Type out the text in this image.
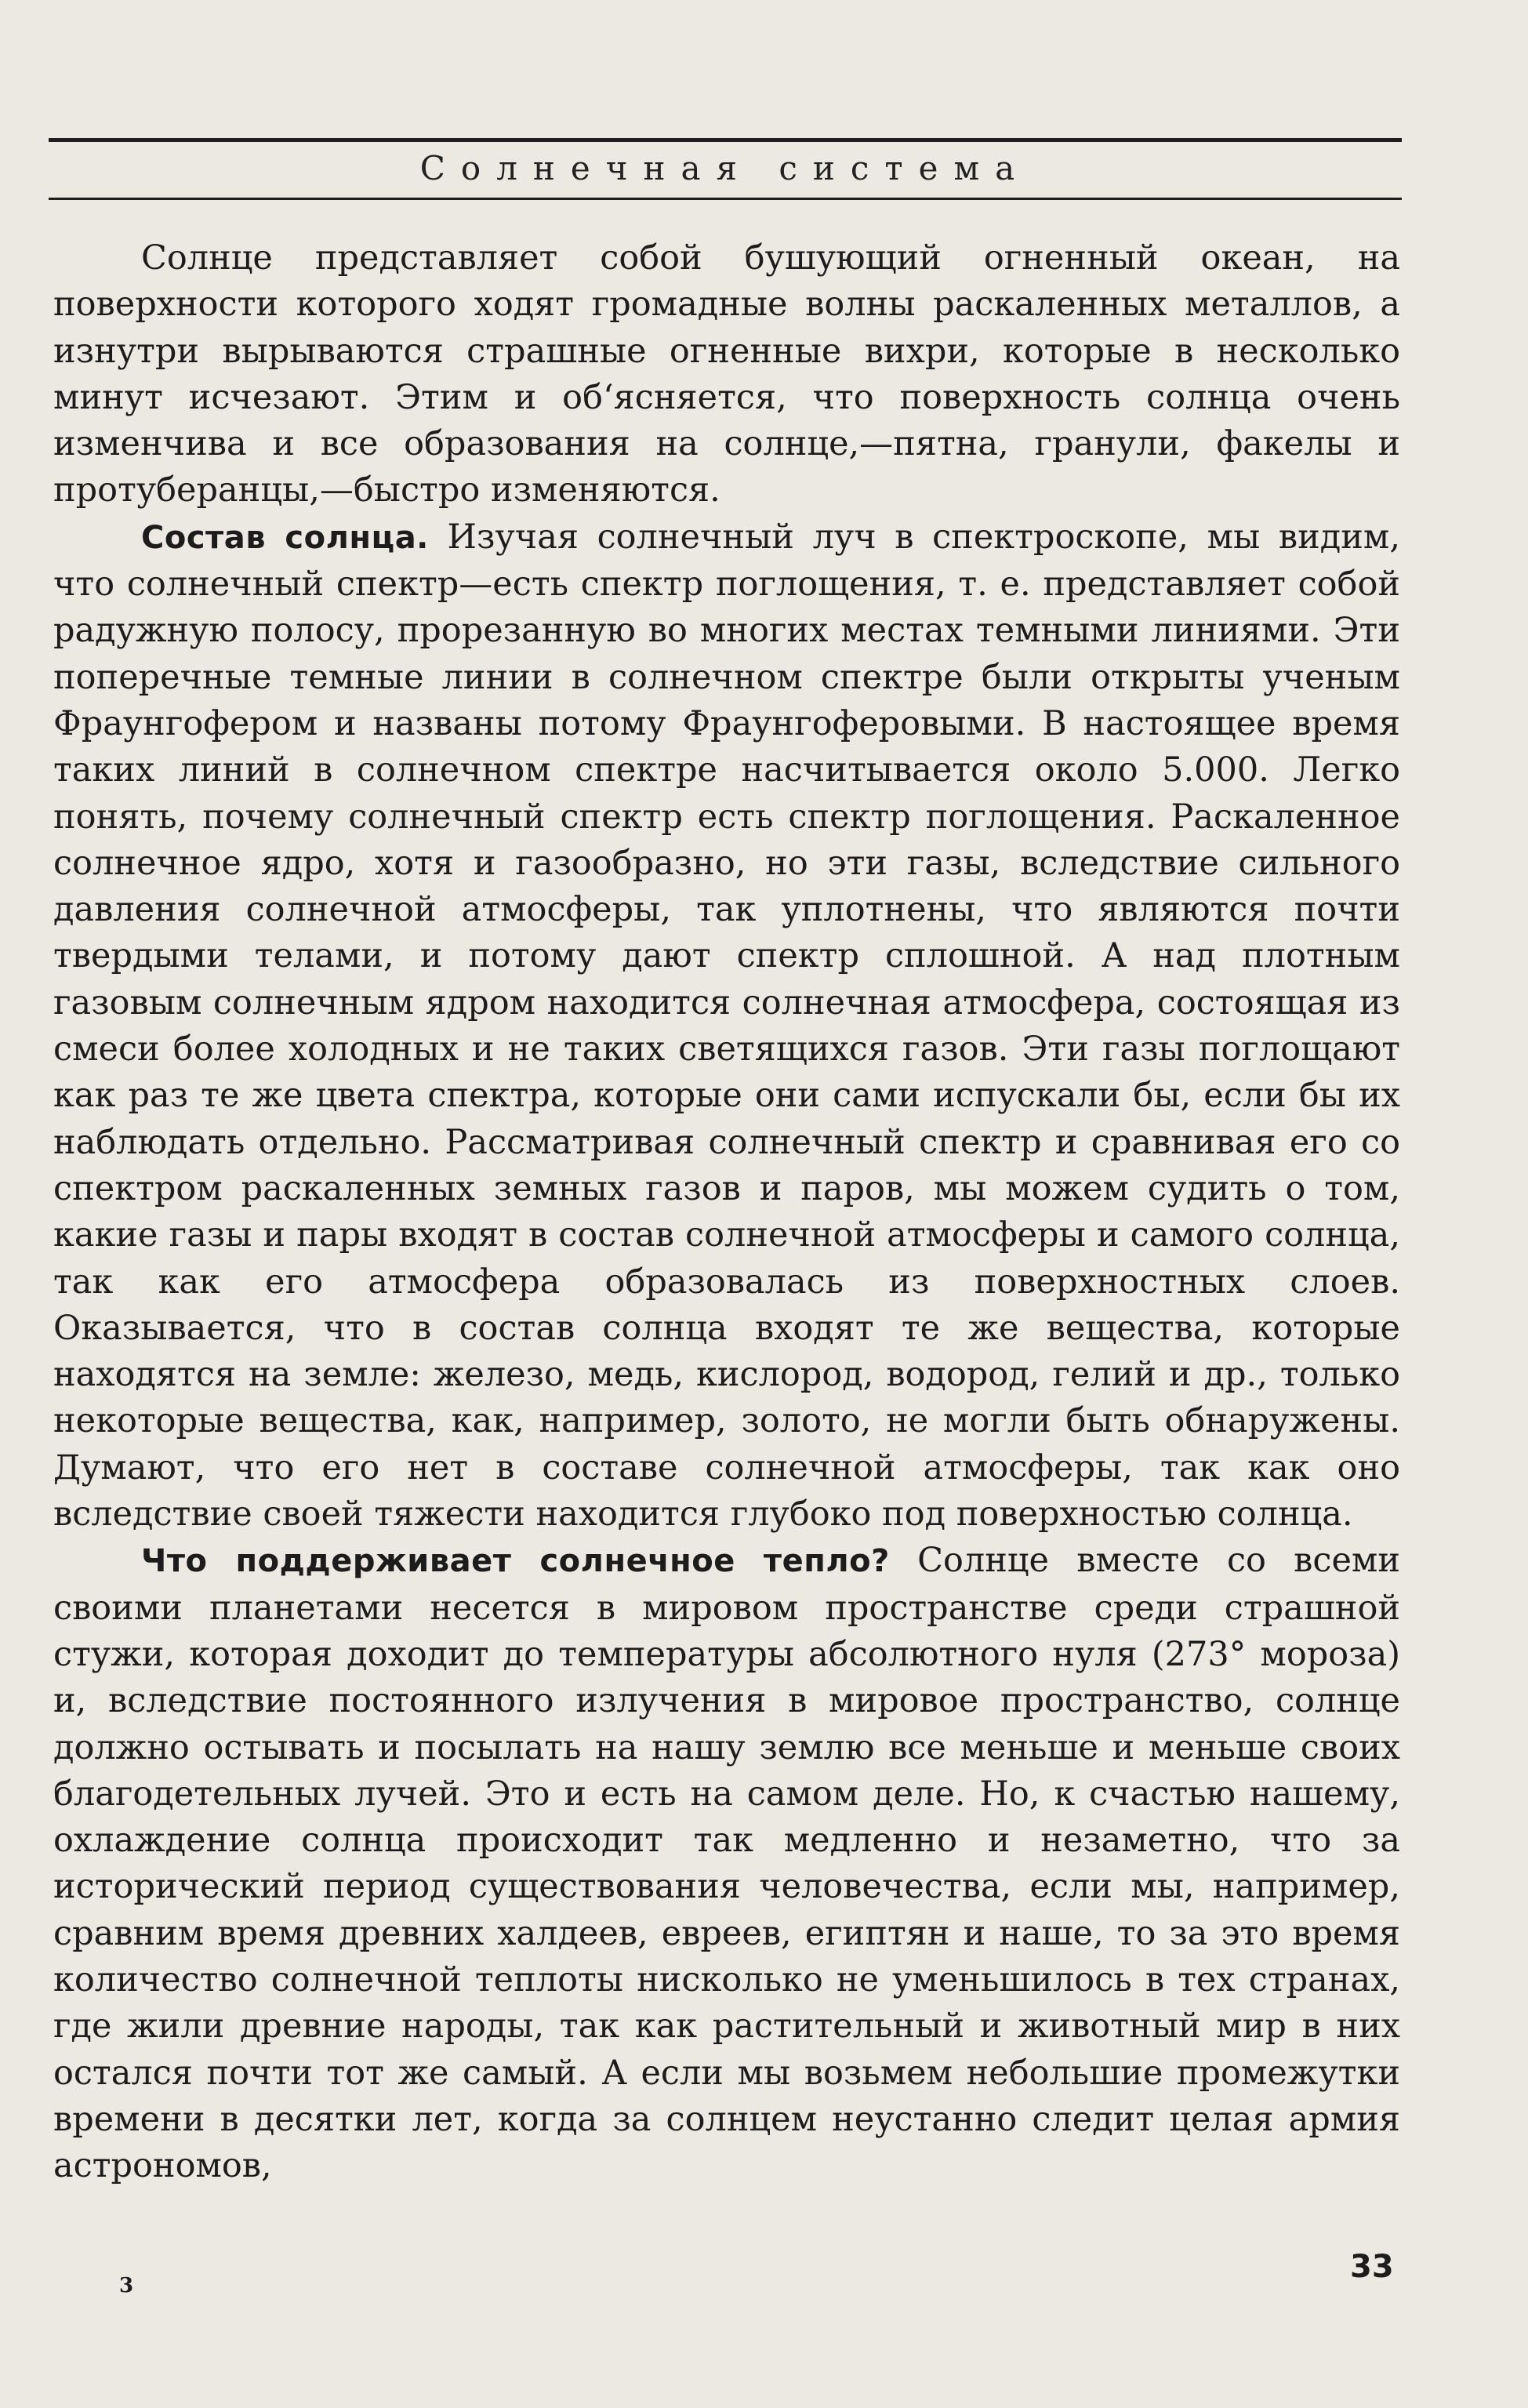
Солнечная система

Солнце представляет собой бушующий огненный океан, на поверхности которого ходят громадные волны раскаленных металлов, а изнутри вырываются страшные огненные вихри, которые в несколько минут исчезают. Этим и об‘ясняется, что поверхность солнца очень изменчива и все образования на солнце,—пятна, гранули, факелы и протуберанцы,—быстро изменяются.

Состав солнца. Изучая солнечный луч в спектроскопе, мы видим, что солнечный спектр—есть спектр поглощения, т. е. представляет собой радужную полосу, прорезанную во многих местах темными линиями. Эти поперечные темные линии в солнечном спектре были открыты ученым Фраунгофером и названы потому Фраунгоферовыми. В настоящее время таких линий в солнечном спектре насчитывается около 5.000. Легко понять, почему солнечный спектр есть спектр поглощения. Раскаленное солнечное ядро, хотя и газообразно, но эти газы, вследствие сильного давления солнечной атмосферы, так уплотнены, что являются почти твердыми телами, и потому дают спектр сплошной. А над плотным газовым солнечным ядром находится солнечная атмосфера, состоящая из смеси более холодных и не таких светящихся газов. Эти газы поглощают как раз те же цвета спектра, которые они сами испускали бы, если бы их наблюдать отдельно. Рассматривая солнечный спектр и сравнивая его со спектром раскаленных земных газов и паров, мы можем судить о том, какие газы и пары входят в состав солнечной атмосферы и самого солнца, так как его атмосфера образовалась из поверхностных слоев. Оказывается, что в состав солнца входят те же вещества, которые находятся на земле: железо, медь, кислород, водород, гелий и др., только некоторые вещества, как, например, золото, не могли быть обнаружены. Думают, что его нет в составе солнечной атмосферы, так как оно вследствие своей тяжести находится глубоко под поверхностью солнца.

Что поддерживает солнечное тепло? Солнце вместе со всеми своими планетами несется в мировом пространстве среди страшной стужи, которая доходит до температуры абсолютного нуля (273° мороза) и, вследствие постоянного излучения в мировое пространство, солнце должно остывать и посылать на нашу землю все меньше и меньше своих благодетельных лучей. Это и есть на самом деле. Но, к счастью нашему, охлаждение солнца происходит так медленно и незаметно, что за исторический период существования человечества, если мы, например, сравним время древних халдеев, евреев, египтян и наше, то за это время количество солнечной теплоты нисколько не уменьшилось в тех странах, где жили древние народы, так как растительный и животный мир в них остался почти тот же самый. А если мы возьмем небольшие промежутки времени в десятки лет, когда за солнцем неустанно следит целая армия астрономов,

3
33
